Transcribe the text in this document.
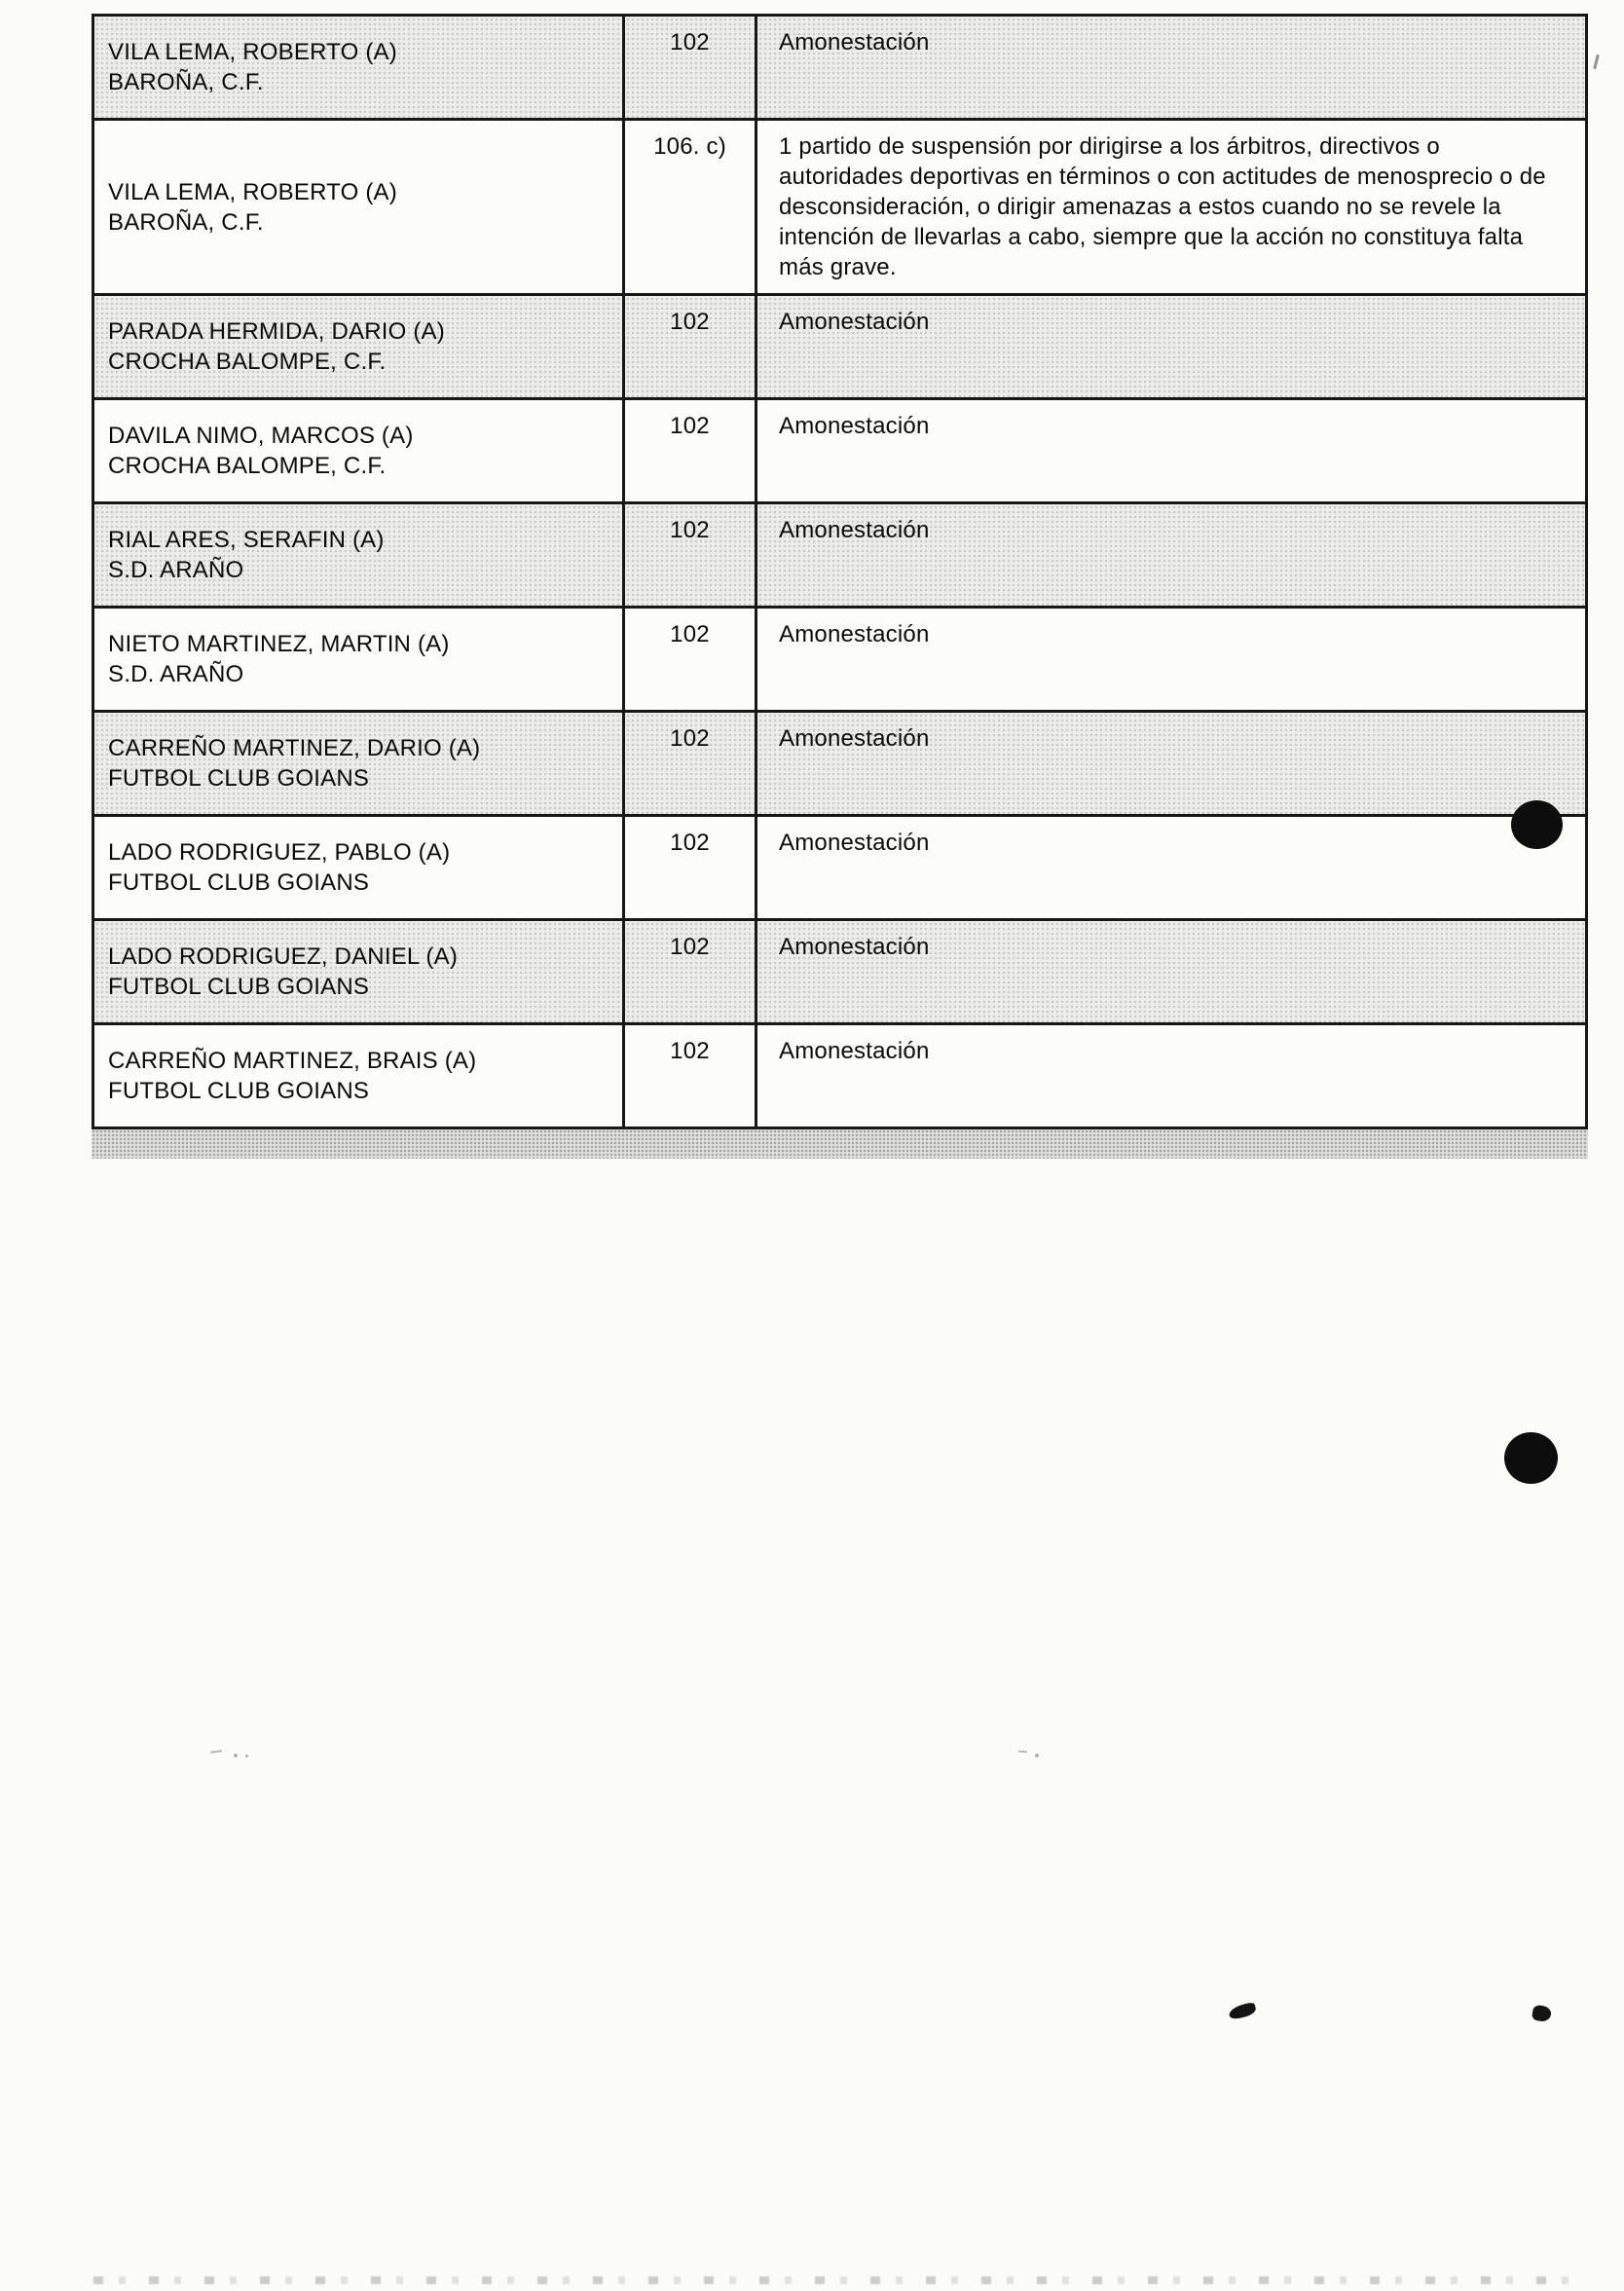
VILA LEMA, ROBERTO (A)
BAROÑA, C.F.	102	Amonestación

VILA LEMA, ROBERTO (A)
BAROÑA, C.F.	106. c)	1 partido de suspensión por dirigirse a los árbitros, directivos o autoridades deportivas en términos o con actitudes de menosprecio o de desconsideración, o dirigir amenazas a estos cuando no se revele la intención de llevarlas a cabo, siempre que la acción no constituya falta más grave.

PARADA HERMIDA, DARIO (A)
CROCHA BALOMPE, C.F.	102	Amonestación

DAVILA NIMO, MARCOS (A)
CROCHA BALOMPE, C.F.	102	Amonestación

RIAL ARES, SERAFIN (A)
S.D. ARAÑO	102	Amonestación

NIETO MARTINEZ, MARTIN (A)
S.D. ARAÑO	102	Amonestación

CARREÑO MARTINEZ, DARIO (A)
FUTBOL CLUB GOIANS	102	Amonestación

LADO RODRIGUEZ, PABLO (A)
FUTBOL CLUB GOIANS	102	Amonestación

LADO RODRIGUEZ, DANIEL (A)
FUTBOL CLUB GOIANS	102	Amonestación

CARREÑO MARTINEZ, BRAIS (A)
FUTBOL CLUB GOIANS	102	Amonestación
